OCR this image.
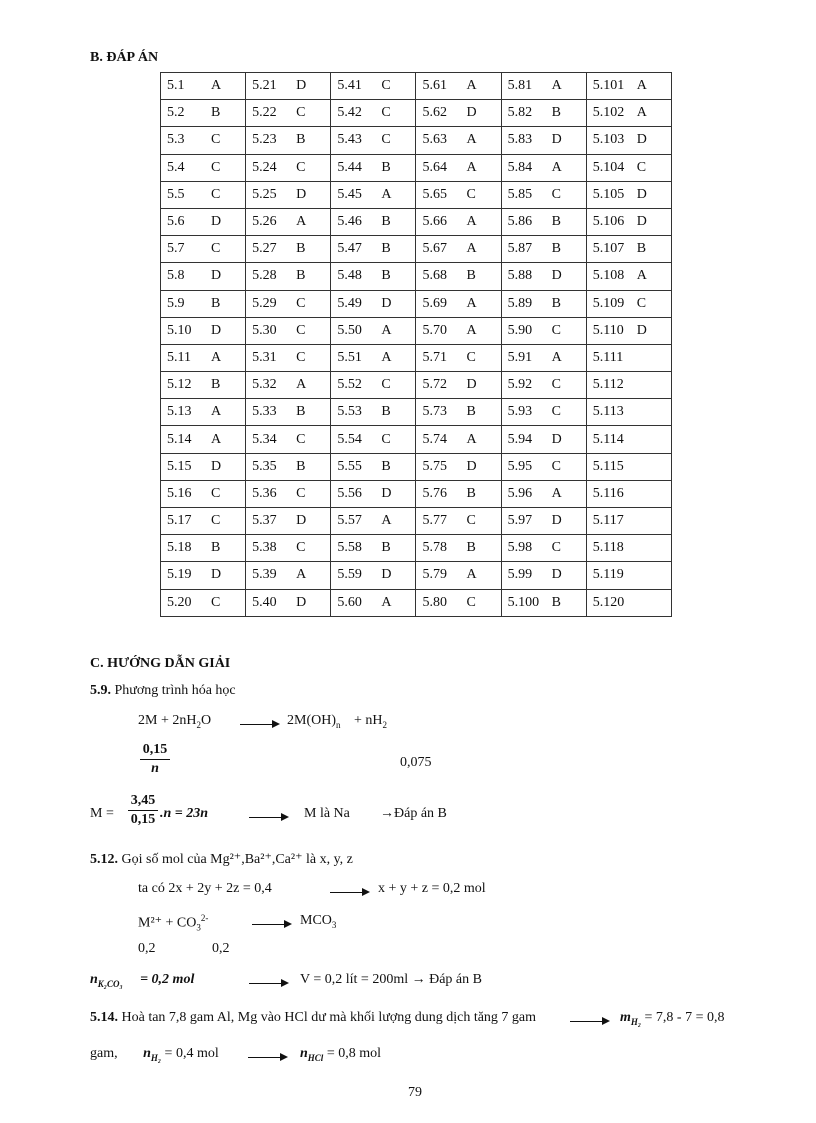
B. ĐÁP ÁN
5.1 A	5.21 D	5.41 C	5.61 A	5.81 A	5.101 A
5.2 B	5.22 C	5.42 C	5.62 D	5.82 B	5.102 A
5.3 C	5.23 B	5.43 C	5.63 A	5.83 D	5.103 D
5.4 C	5.24 C	5.44 B	5.64 A	5.84 A	5.104 C
5.5 C	5.25 D	5.45 A	5.65 C	5.85 C	5.105 D
5.6 D	5.26 A	5.46 B	5.66 A	5.86 B	5.106 D
5.7 C	5.27 B	5.47 B	5.67 A	5.87 B	5.107 B
5.8 D	5.28 B	5.48 B	5.68 B	5.88 D	5.108 A
5.9 B	5.29 C	5.49 D	5.69 A	5.89 B	5.109 C
5.10 D	5.30 C	5.50 A	5.70 A	5.90 C	5.110 D
5.11 A	5.31 C	5.51 A	5.71 C	5.91 A	5.111
5.12 B	5.32 A	5.52 C	5.72 D	5.92 C	5.112
5.13 A	5.33 B	5.53 B	5.73 B	5.93 C	5.113
5.14 A	5.34 C	5.54 C	5.74 A	5.94 D	5.114
5.15 D	5.35 B	5.55 B	5.75 D	5.95 C	5.115
5.16 C	5.36 C	5.56 D	5.76 B	5.96 A	5.116
5.17 C	5.37 D	5.57 A	5.77 C	5.97 D	5.117
5.18 B	5.38 C	5.58 B	5.78 B	5.98 C	5.118
5.19 D	5.39 A	5.59 D	5.79 A	5.99 D	5.119
5.20 C	5.40 D	5.60 A	5.80 C	5.100 B	5.120
C. HƯỚNG DẪN GIẢI
5.9. Phương trình hóa học
$2M + 2nH_2O \to 2M(OH)_n + nH_2$
0,15
n	0,075
M =
3,45
0,15 .n = 23n	M là Na →Đáp án B
5.12. Gọi số mol của Mg²⁺,Ba²⁺,Ca²⁺ là x, y, z
ta có 2x + 2y + 2z = 0,4	→ x + y + z = 0,2 mol
$M^{2+} + CO_3^{2-} \to MCO_3$
0,2	0,2
$n_{K_2CO_3} = 0,2$ mol	V = 0,2 lít = 200ml → Đáp án B
5.14. Hoà tan 7,8 gam Al, Mg vào HCl dư mà khối lượng dung dịch tăng 7 gam	$m_{H_2} = 7,8 - 7 = 0,8$
gam, $n_{H_2} = 0,4$ mol	$n_{HCl} = 0,8$ mol
79
